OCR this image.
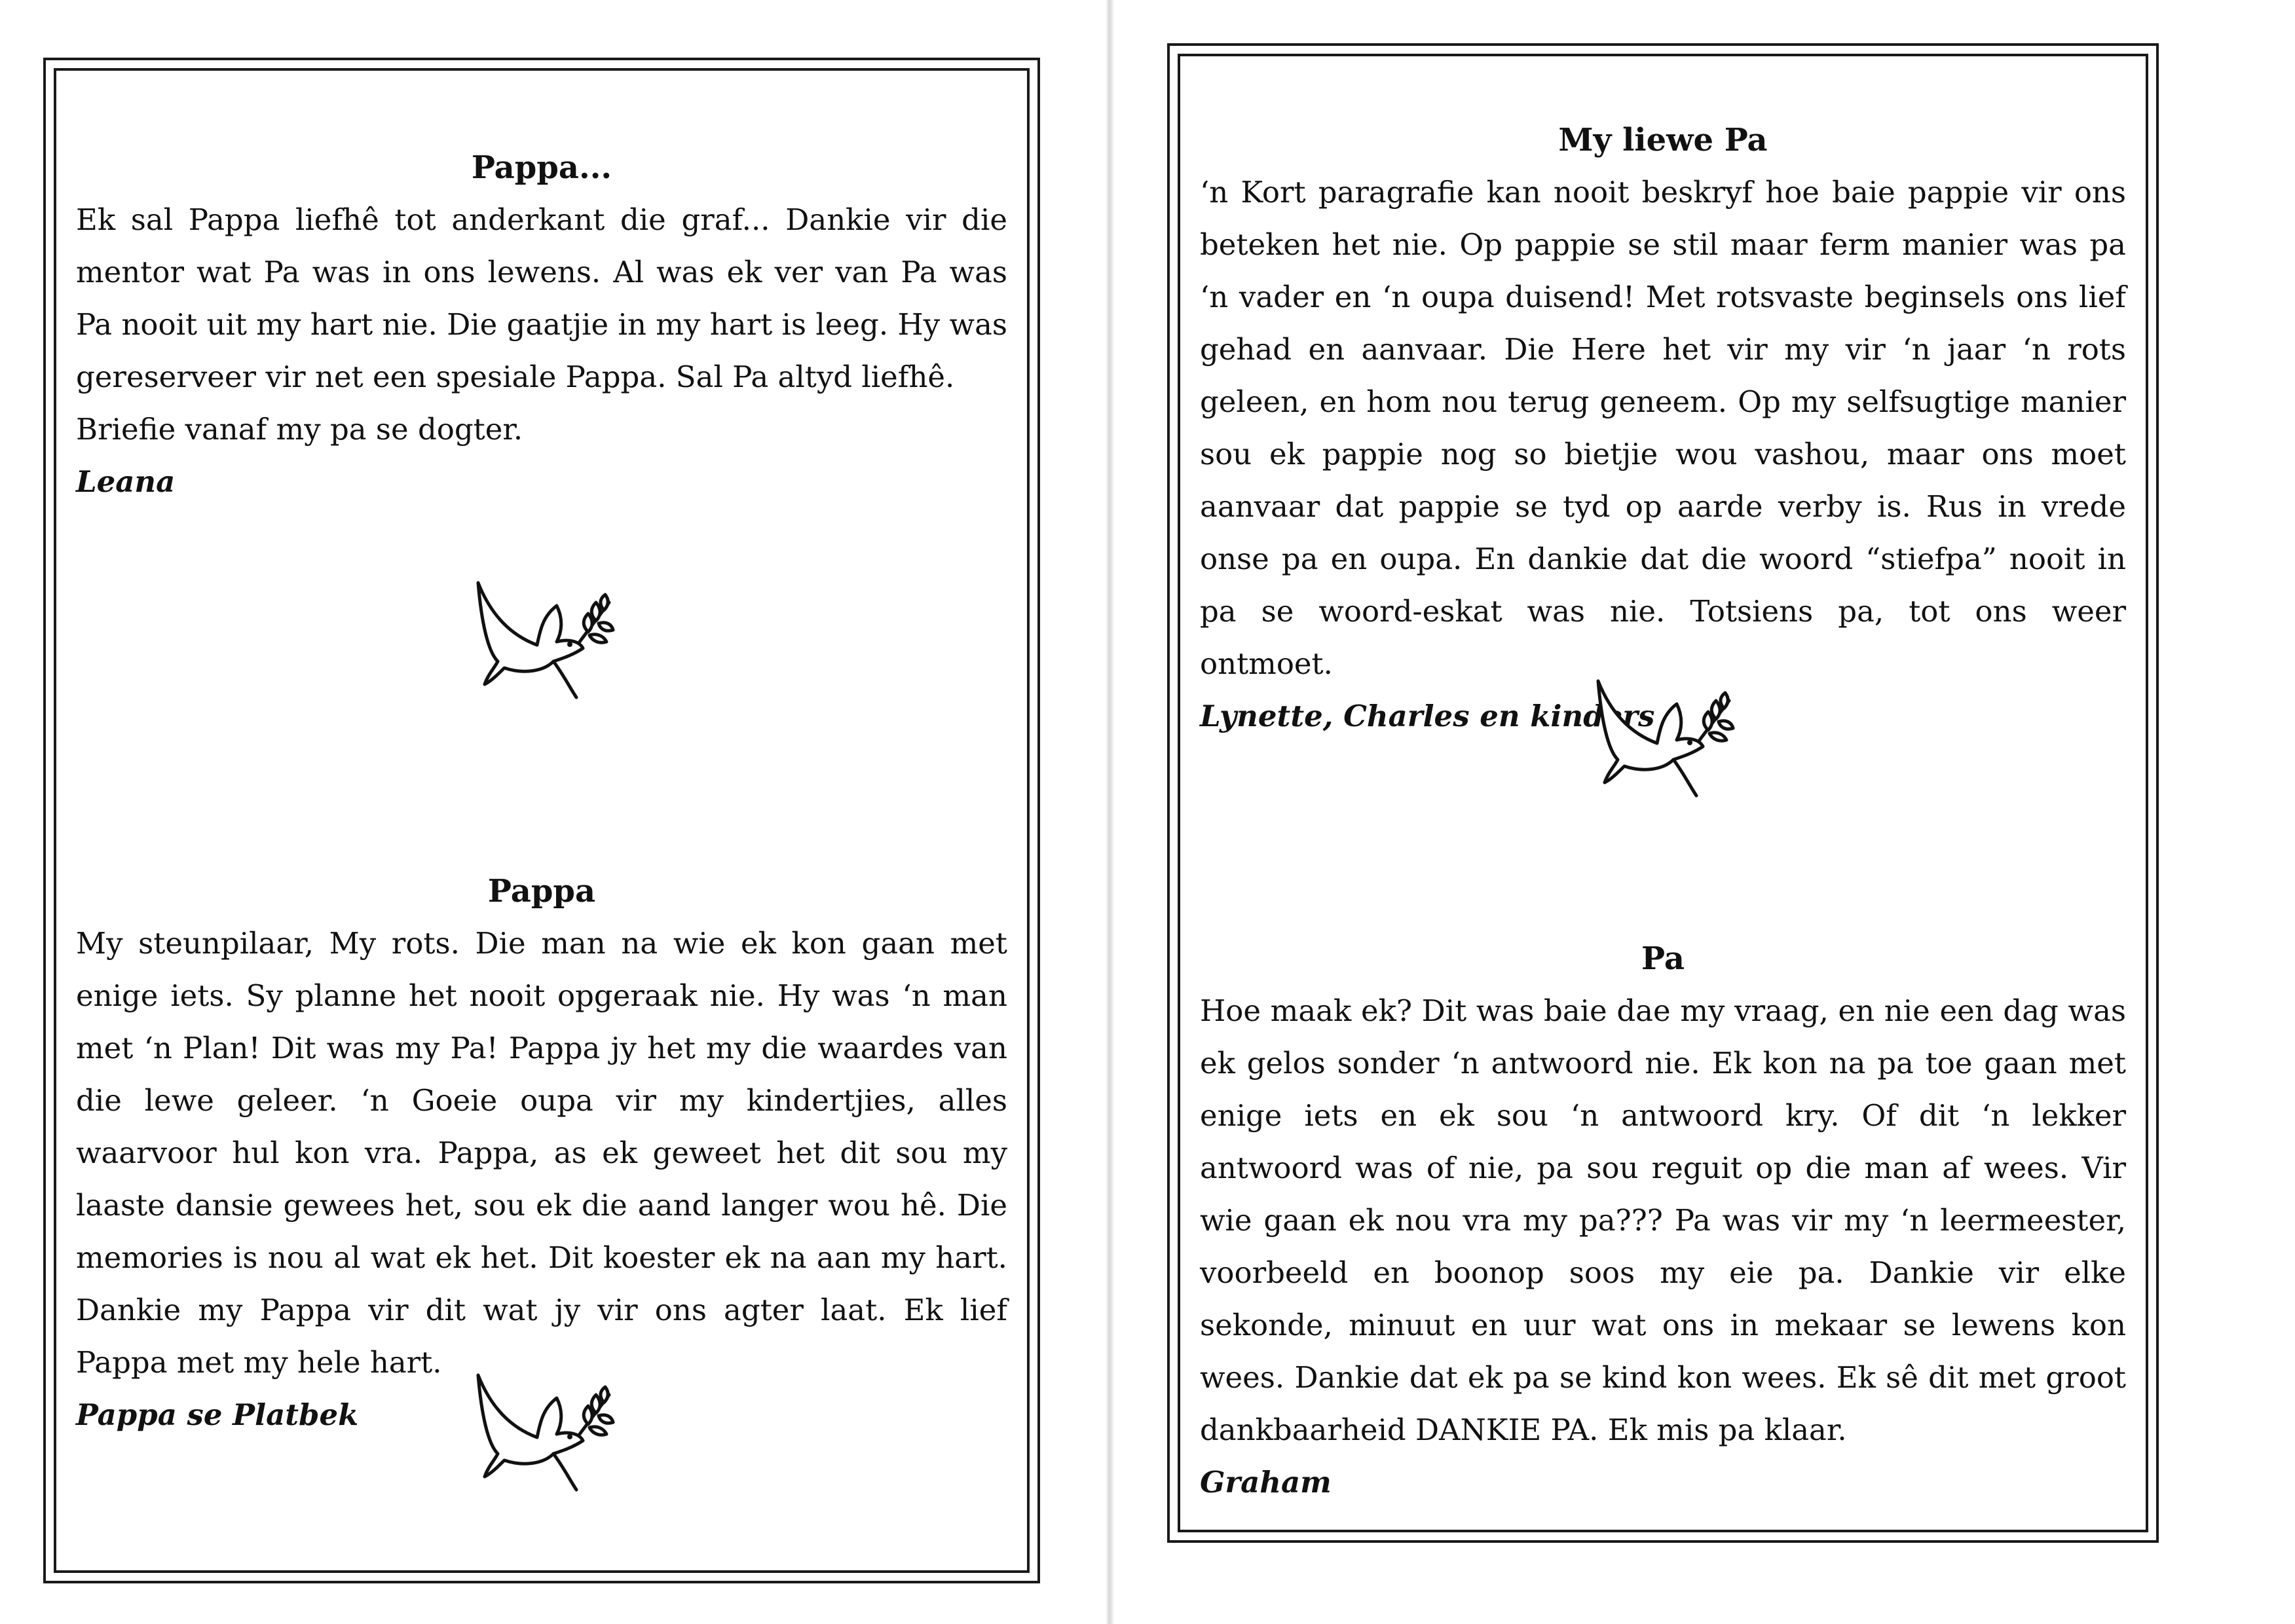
Pappa...

Ek sal Pappa liefhê tot anderkant die graf... Dankie vir die mentor wat Pa was in ons lewens. Al was ek ver van Pa was Pa nooit uit my hart nie. Die gaatjie in my hart is leeg. Hy was gereserveer vir net een spesiale Pappa. Sal Pa altyd liefhê.

Briefie vanaf my pa se dogter.

Leana

Pappa

My steunpilaar, My rots. Die man na wie ek kon gaan met enige iets. Sy planne het nooit opgeraak nie. Hy was ‘n man met ‘n Plan! Dit was my Pa! Pappa jy het my die waardes van die lewe geleer. ‘n Goeie oupa vir my kindertjies, alles waarvoor hul kon vra. Pappa, as ek geweet het dit sou my laaste dansie gewees het, sou ek die aand langer wou hê. Die memories is nou al wat ek het. Dit koester ek na aan my hart. Dankie my Pappa vir dit wat jy vir ons agter laat. Ek lief Pappa met my hele hart.

Pappa se Platbek

My liewe Pa

‘n Kort paragrafie kan nooit beskryf hoe baie pappie vir ons beteken het nie. Op pappie se stil maar ferm manier was pa ‘n vader en ‘n oupa duisend! Met rotsvaste beginsels ons lief gehad en aanvaar. Die Here het vir my vir ‘n jaar ‘n rots geleen, en hom nou terug geneem. Op my selfsugtige manier sou ek pappie nog so bietjie wou vashou, maar ons moet aanvaar dat pappie se tyd op aarde verby is. Rus in vrede onse pa en oupa. En dankie dat die woord “stiefpa” nooit in pa se woord-eskat was nie. Totsiens pa, tot ons weer ontmoet.

Lynette, Charles en kinders

Pa

Hoe maak ek? Dit was baie dae my vraag, en nie een dag was ek gelos sonder ‘n antwoord nie. Ek kon na pa toe gaan met enige iets en ek sou ‘n antwoord kry. Of dit ‘n lekker antwoord was of nie, pa sou reguit op die man af wees. Vir wie gaan ek nou vra my pa??? Pa was vir my ‘n leermeester, voorbeeld en boonop soos my eie pa. Dankie vir elke sekonde, minuut en uur wat ons in mekaar se lewens kon wees. Dankie dat ek pa se kind kon wees. Ek sê dit met groot dankbaarheid DANKIE PA. Ek mis pa klaar.

Graham
